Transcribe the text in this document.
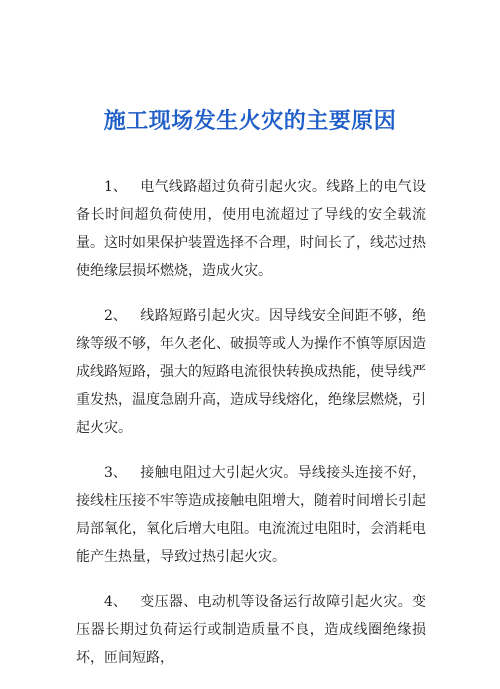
施工现场发生火灾的主要原因

1、 电气线路超过负荷引起火灾。线路上的电气设备长时间超负荷使用，使用电流超过了导线的安全载流量。这时如果保护装置选择不合理，时间长了，线芯过热使绝缘层损坏燃烧，造成火灾。

2、 线路短路引起火灾。因导线安全间距不够，绝缘等级不够，年久老化、破损等或人为操作不慎等原因造成线路短路，强大的短路电流很快转换成热能，使导线严重发热，温度急剧升高，造成导线熔化，绝缘层燃烧，引起火灾。

3、 接触电阻过大引起火灾。导线接头连接不好，接线柱压接不牢等造成接触电阻增大，随着时间增长引起局部氧化，氧化后增大电阻。电流流过电阻时，会消耗电能产生热量，导致过热引起火灾。

4、 变压器、电动机等设备运行故障引起火灾。变压器长期过负荷运行或制造质量不良，造成线圈绝缘损坏，匝间短路，
